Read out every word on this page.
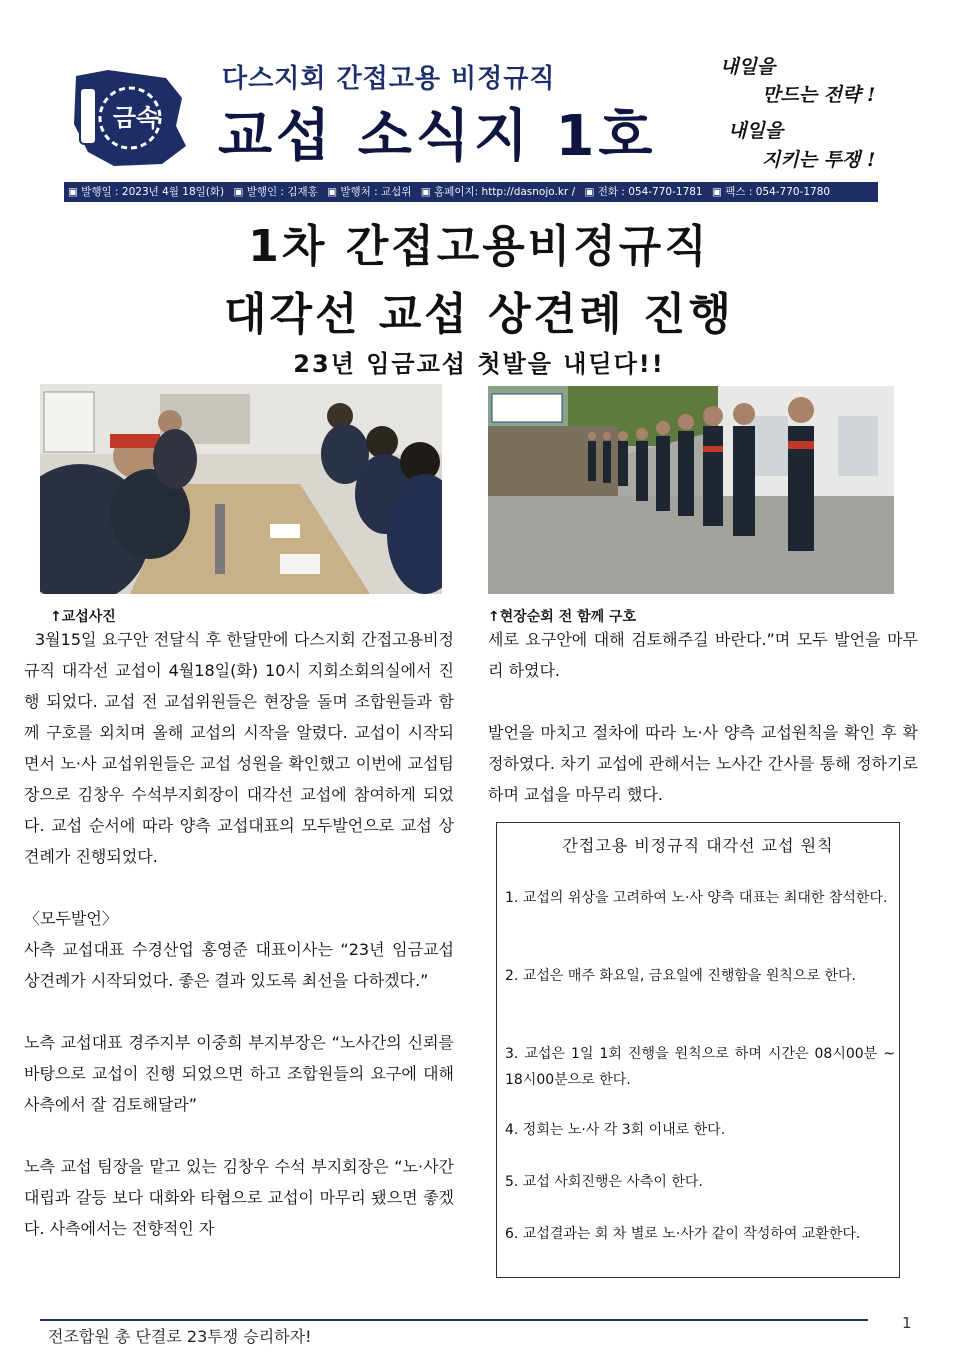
금속
다스지회 간접고용 비정규직
교섭 소식지 1호
내일을
만드는 전략 !
내일을
지키는 투쟁 !
▣ 발행일 : 2023년 4월 18일(화) ▣ 발행인 : 김재홍 ▣ 발행처 : 교섭위 ▣ 홈페이지: http://dasnojo.kr / ▣ 전화 : 054-770-1781 ▣ 팩스 : 054-770-1780
1차 간접고용비정규직
대각선 교섭 상견례 진행
23년 임금교섭 첫발을 내딛다!!
↑교섭사진	↑현장순회 전 함께 구호
3월15일 요구안 전달식 후 한달만에 다스지회 간접고용비정규직 대각선 교섭이 4월18일(화) 10시 지회소회의실에서 진행 되었다. 교섭 전 교섭위원들은 현장을 돌며 조합원들과 함께 구호를 외치며 올해 교섭의 시작을 알렸다. 교섭이 시작되면서 노·사 교섭위원들은 교섭 성원을 확인했고 이번에 교섭팀장으로 김창우 수석부지회장이 대각선 교섭에 참여하게 되었다. 교섭 순서에 따라 양측 교섭대표의 모두발언으로 교섭 상견례가 진행되었다.
〈모두발언〉
사측 교섭대표 수경산업 홍영준 대표이사는 “23년 임금교섭 상견례가 시작되었다. 좋은 결과 있도록 최선을 다하겠다.”
노측 교섭대표 경주지부 이중희 부지부장은 “노사간의 신뢰를 바탕으로 교섭이 진행 되었으면 하고 조합원들의 요구에 대해 사측에서 잘 검토해달라”
노측 교섭 팀장을 맡고 있는 김창우 수석 부지회장은 “노·사간 대립과 갈등 보다 대화와 타협으로 교섭이 마무리 됐으면 좋겠다. 사측에서는 전향적인 자
세로 요구안에 대해 검토해주길 바란다.”며 모두 발언을 마무리 하였다.
발언을 마치고 절차에 따라 노·사 양측 교섭원칙을 확인 후 확정하였다. 차기 교섭에 관해서는 노사간 간사를 통해 정하기로 하며 교섭을 마무리 했다.
간접고용 비정규직 대각선 교섭 원칙
1. 교섭의 위상을 고려하여 노·사 양측 대표는 최대한 참석한다.
2. 교섭은 매주 화요일, 금요일에 진행함을 원칙으로 한다.
3. 교섭은 1일 1회 진행을 원칙으로 하며 시간은 08시00분 ~ 18시00분으로 한다.
4. 정회는 노·사 각 3회 이내로 한다.
5. 교섭 사회진행은 사측이 한다.
6. 교섭결과는 회 차 별로 노·사가 같이 작성하여 교환한다.
전조합원 총 단결로 23투쟁 승리하자!
1
